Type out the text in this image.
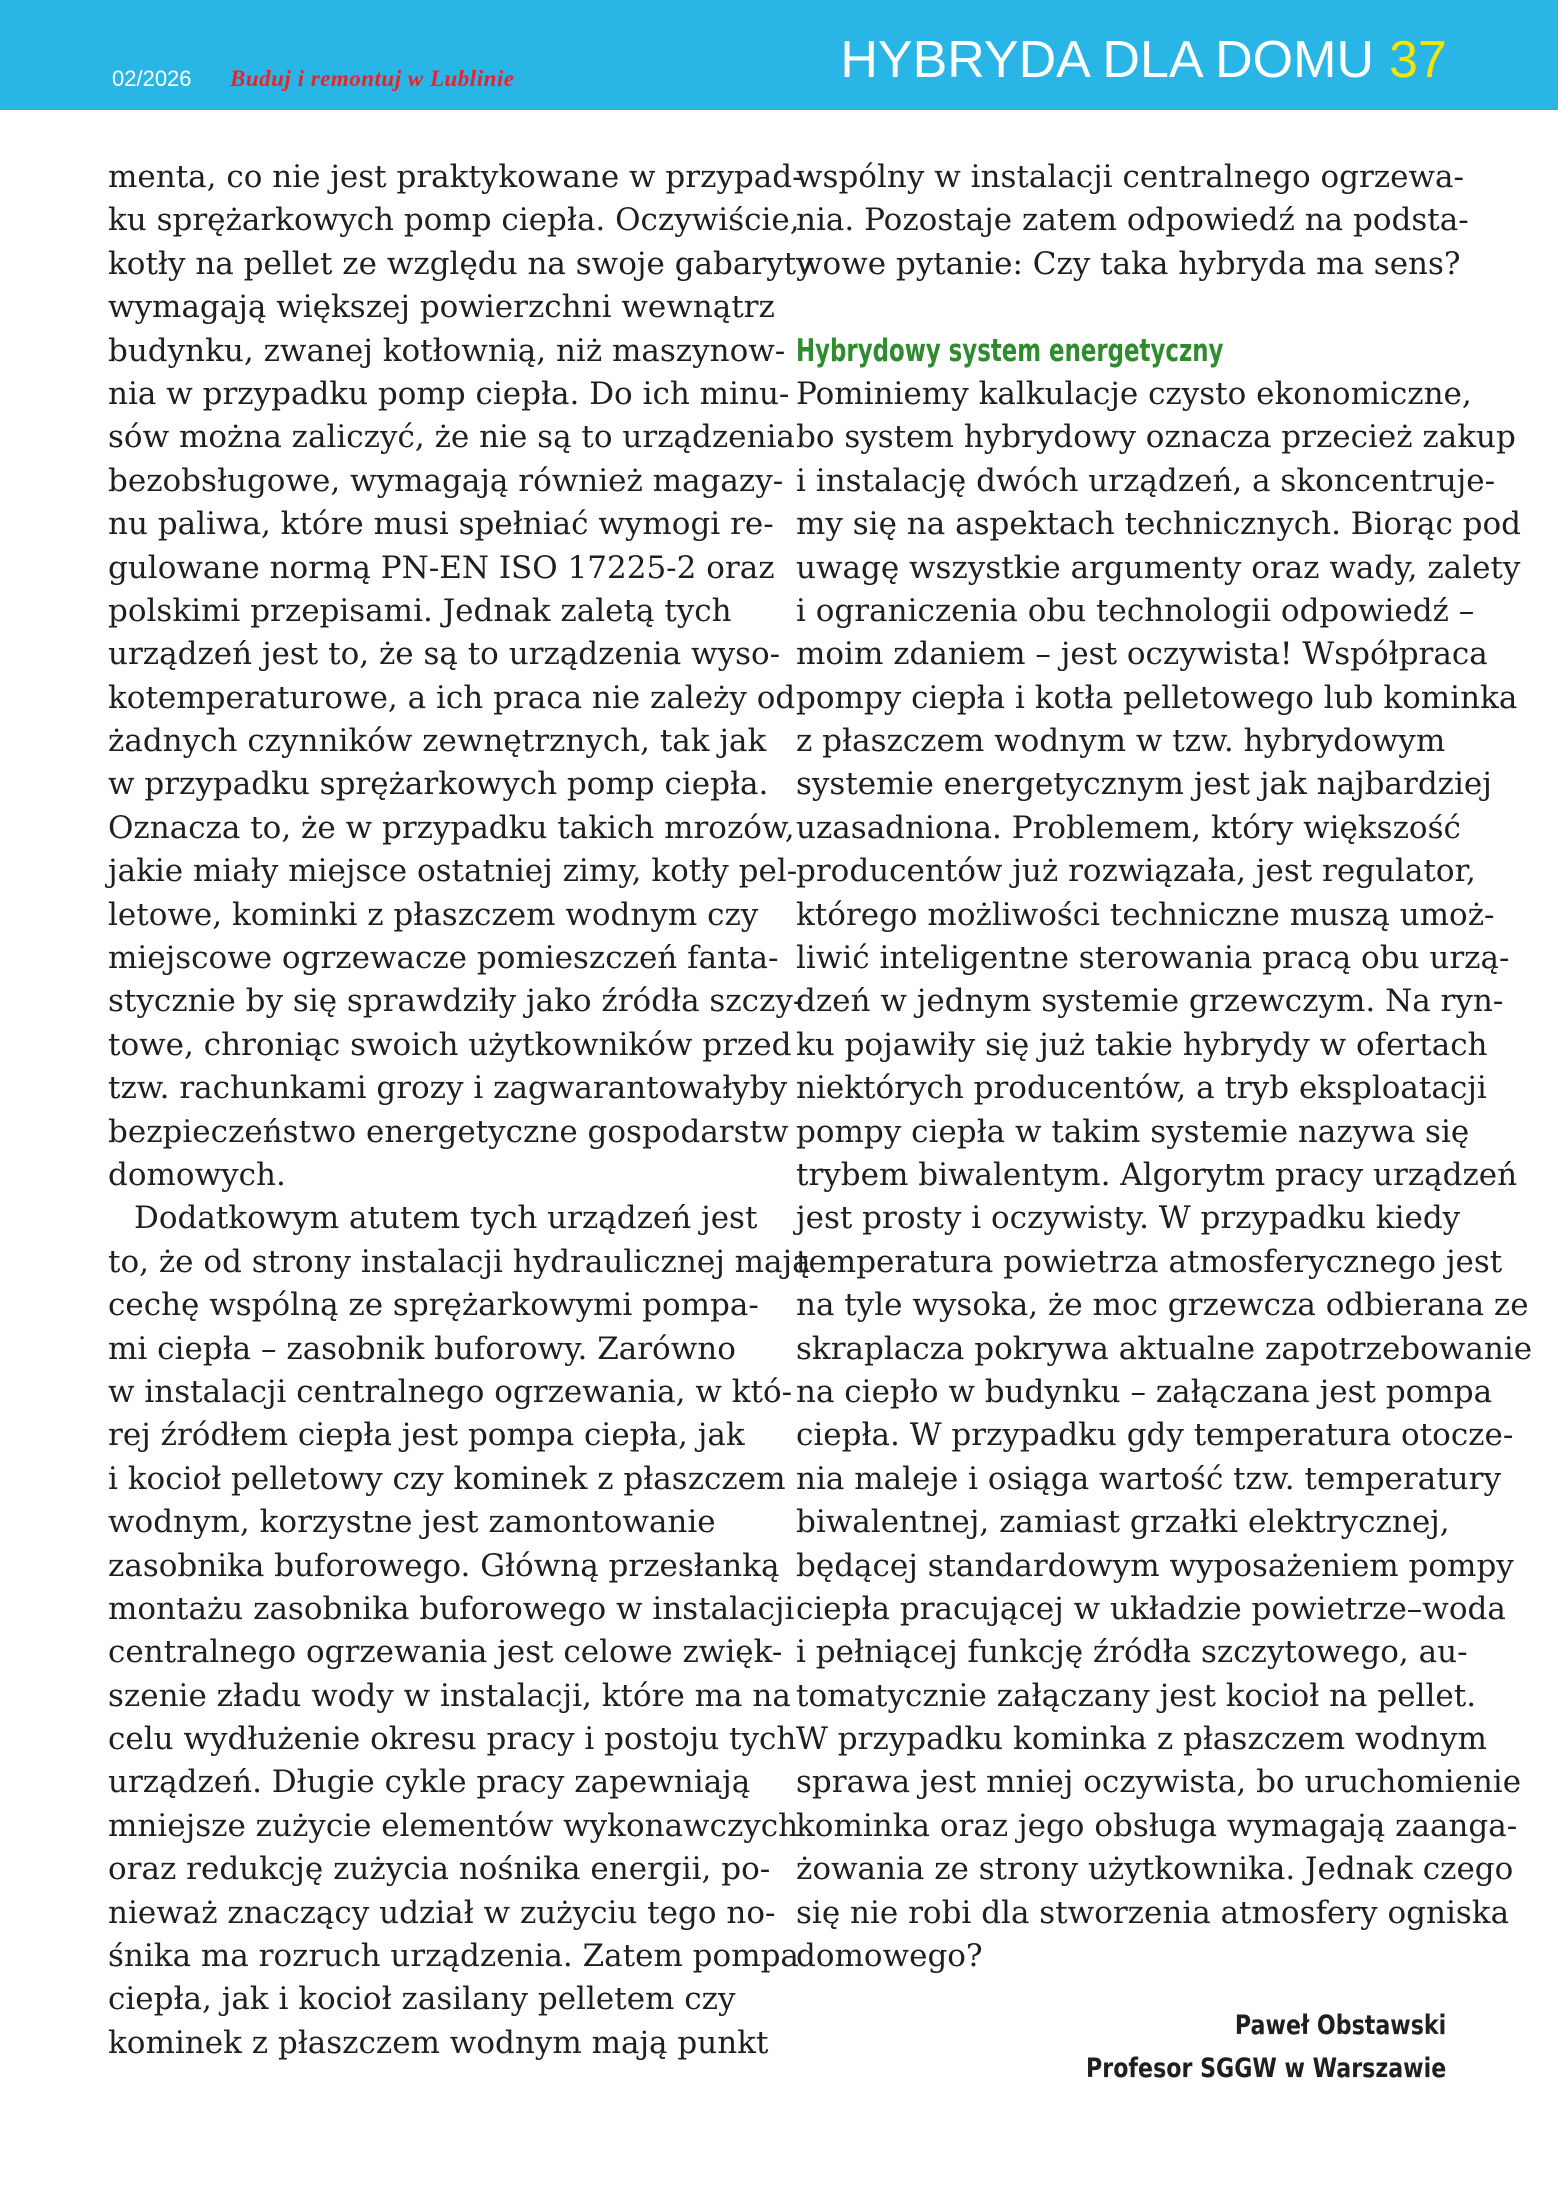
02/2026 Buduj i remontuj w Lublinie	HYBRYDA DLA DOMU 37
menta, co nie jest praktykowane w przypad-
ku sprężarkowych pomp ciepła. Oczywiście,
kotły na pellet ze względu na swoje gabaryty
wymagają większej powierzchni wewnątrz
budynku, zwanej kotłownią, niż maszynow-
nia w przypadku pomp ciepła. Do ich minu-
sów można zaliczyć, że nie są to urządzenia
bezobsługowe, wymagają również magazy-
nu paliwa, które musi spełniać wymogi re-
gulowane normą PN-EN ISO 17225-2 oraz
polskimi przepisami. Jednak zaletą tych
urządzeń jest to, że są to urządzenia wyso-
kotemperaturowe, a ich praca nie zależy od
żadnych czynników zewnętrznych, tak jak
w przypadku sprężarkowych pomp ciepła.
Oznacza to, że w przypadku takich mrozów,
jakie miały miejsce ostatniej zimy, kotły pel-
letowe, kominki z płaszczem wodnym czy
miejscowe ogrzewacze pomieszczeń fanta-
stycznie by się sprawdziły jako źródła szczy-
towe, chroniąc swoich użytkowników przed
tzw. rachunkami grozy i zagwarantowałyby
bezpieczeństwo energetyczne gospodarstw
domowych.
Dodatkowym atutem tych urządzeń jest
to, że od strony instalacji hydraulicznej mają
cechę wspólną ze sprężarkowymi pompa-
mi ciepła – zasobnik buforowy. Zarówno
w instalacji centralnego ogrzewania, w któ-
rej źródłem ciepła jest pompa ciepła, jak
i kocioł pelletowy czy kominek z płaszczem
wodnym, korzystne jest zamontowanie
zasobnika buforowego. Główną przesłanką
montażu zasobnika buforowego w instalacji
centralnego ogrzewania jest celowe zwięk-
szenie zładu wody w instalacji, które ma na
celu wydłużenie okresu pracy i postoju tych
urządzeń. Długie cykle pracy zapewniają
mniejsze zużycie elementów wykonawczych
oraz redukcję zużycia nośnika energii, po-
nieważ znaczący udział w zużyciu tego no-
śnika ma rozruch urządzenia. Zatem pompa
ciepła, jak i kocioł zasilany pelletem czy
kominek z płaszczem wodnym mają punkt
wspólny w instalacji centralnego ogrzewa-
nia. Pozostaje zatem odpowiedź na podsta-
wowe pytanie: Czy taka hybryda ma sens?
Hybrydowy system energetyczny
Pominiemy kalkulacje czysto ekonomiczne,
bo system hybrydowy oznacza przecież zakup
i instalację dwóch urządzeń, a skoncentruje-
my się na aspektach technicznych. Biorąc pod
uwagę wszystkie argumenty oraz wady, zalety
i ograniczenia obu technologii odpowiedź –
moim zdaniem – jest oczywista! Współpraca
pompy ciepła i kotła pelletowego lub kominka
z płaszczem wodnym w tzw. hybrydowym
systemie energetycznym jest jak najbardziej
uzasadniona. Problemem, który większość
producentów już rozwiązała, jest regulator,
którego możliwości techniczne muszą umoż-
liwić inteligentne sterowania pracą obu urzą-
dzeń w jednym systemie grzewczym. Na ryn-
ku pojawiły się już takie hybrydy w ofertach
niektórych producentów, a tryb eksploatacji
pompy ciepła w takim systemie nazywa się
trybem biwalentym. Algorytm pracy urządzeń
jest prosty i oczywisty. W przypadku kiedy
temperatura powietrza atmosferycznego jest
na tyle wysoka, że moc grzewcza odbierana ze
skraplacza pokrywa aktualne zapotrzebowanie
na ciepło w budynku – załączana jest pompa
ciepła. W przypadku gdy temperatura otocze-
nia maleje i osiąga wartość tzw. temperatury
biwalentnej, zamiast grzałki elektrycznej,
będącej standardowym wyposażeniem pompy
ciepła pracującej w układzie powietrze–woda
i pełniącej funkcję źródła szczytowego, au-
tomatycznie załączany jest kocioł na pellet.
W przypadku kominka z płaszczem wodnym
sprawa jest mniej oczywista, bo uruchomienie
kominka oraz jego obsługa wymagają zaanga-
żowania ze strony użytkownika. Jednak czego
się nie robi dla stworzenia atmosfery ogniska
domowego?
Paweł Obstawski
Profesor SGGW w Warszawie
